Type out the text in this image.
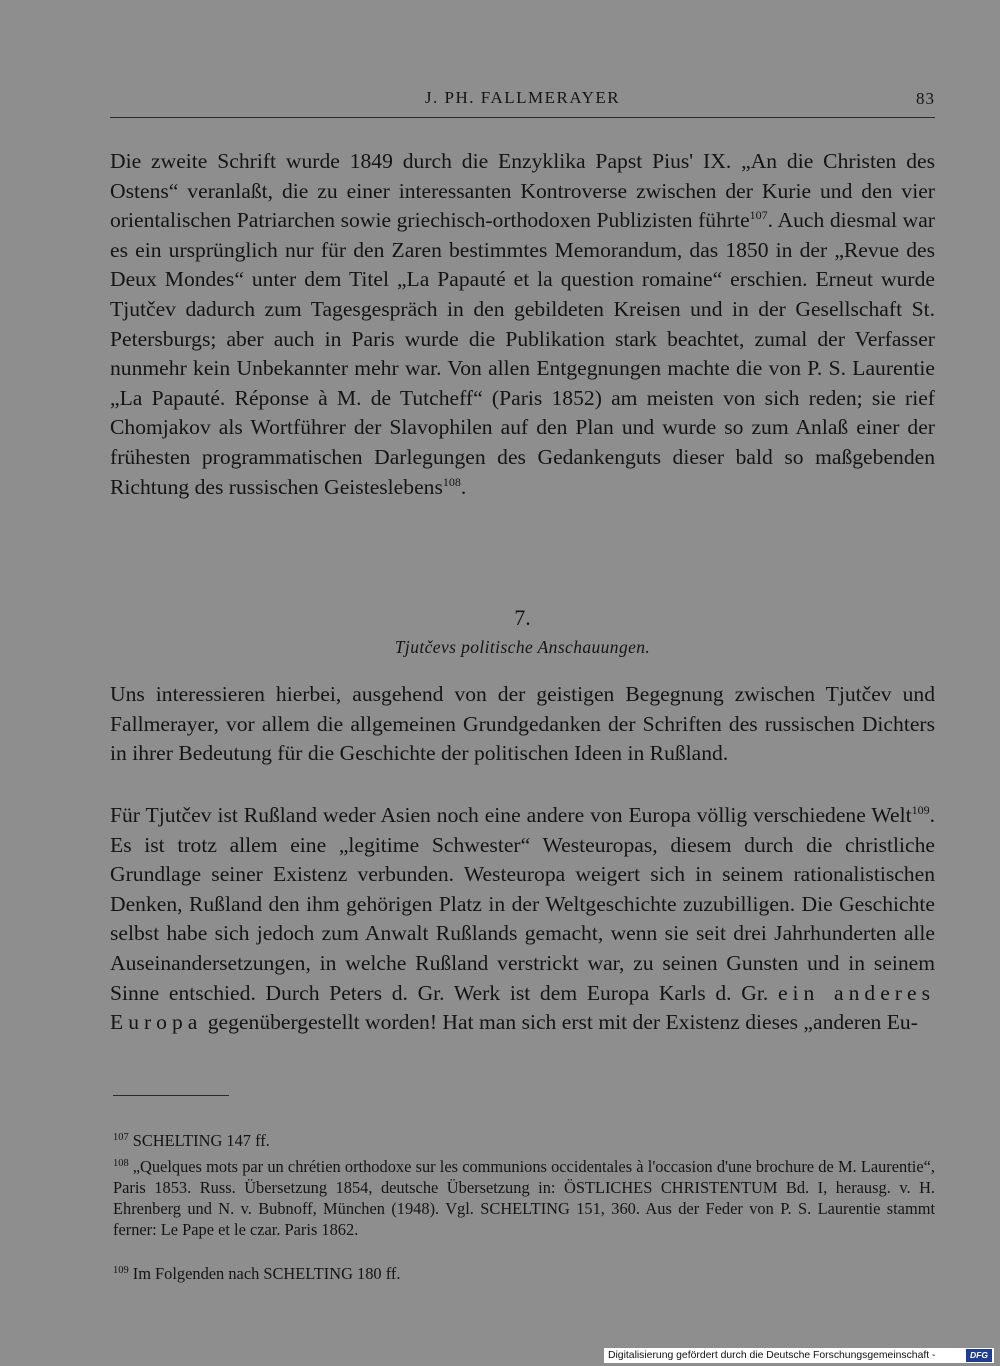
J. PH. FALLMERAYER	83

Die zweite Schrift wurde 1849 durch die Enzyklika Papst Pius' IX. „An die Christen des Ostens“ veranlaßt, die zu einer interessanten Kontroverse zwischen der Kurie und den vier orientalischen Patriarchen sowie griechisch-orthodoxen Publizisten führte$^{107}$. Auch diesmal war es ein ursprünglich nur für den Zaren bestimmtes Memorandum, das 1850 in der „Revue des Deux Mondes“ unter dem Titel „La Papauté et la question romaine“ erschien. Erneut wurde Tjutčev dadurch zum Tagesgespräch in den gebildeten Kreisen und in der Gesellschaft St. Petersburgs; aber auch in Paris wurde die Publikation stark beachtet, zumal der Verfasser nunmehr kein Unbekannter mehr war. Von allen Entgegnungen machte die von P. S. Laurentie „La Papauté. Réponse à M. de Tutcheff“ (Paris 1852) am meisten von sich reden; sie rief Chomjakov als Wortführer der Slavophilen auf den Plan und wurde so zum Anlaß einer der frühesten programmatischen Darlegungen des Gedankenguts dieser bald so maßgebenden Richtung des russischen Geisteslebens$^{108}$.

7.
Tjutčevs politische Anschauungen.

Uns interessieren hierbei, ausgehend von der geistigen Begegnung zwischen Tjutčev und Fallmerayer, vor allem die allgemeinen Grundgedanken der Schriften des russischen Dichters in ihrer Bedeutung für die Geschichte der politischen Ideen in Rußland.

Für Tjutčev ist Rußland weder Asien noch eine andere von Europa völlig verschiedene Welt$^{109}$. Es ist trotz allem eine „legitime Schwester“ Westeuropas, diesem durch die christliche Grundlage seiner Existenz verbunden. Westeuropa weigert sich in seinem rationalistischen Denken, Rußland den ihm gehörigen Platz in der Weltgeschichte zuzubilligen. Die Geschichte selbst habe sich jedoch zum Anwalt Rußlands gemacht, wenn sie seit drei Jahrhunderten alle Auseinandersetzungen, in welche Rußland verstrickt war, zu seinen Gunsten und in seinem Sinne entschied. Durch Peters d. Gr. Werk ist dem Europa Karls d. Gr. ein anderes Europa gegenübergestellt worden! Hat man sich erst mit der Existenz dieses „anderen Eu-

$^{107}$ SCHELTING 147 ff.

$^{108}$ „Quelques mots par un chrétien orthodoxe sur les communions occidentales à l'occasion d'une brochure de M. Laurentie“, Paris 1853. Russ. Übersetzung 1854, deutsche Übersetzung in: ÖSTLICHES CHRISTENTUM Bd. I, herausg. v. H. Ehrenberg und N. v. Bubnoff, München (1948). Vgl. SCHELTING 151, 360. Aus der Feder von P. S. Laurentie stammt ferner: Le Pape et le czar. Paris 1862.

$^{109}$ Im Folgenden nach SCHELTING 180 ff.

Digitalisierung gefördert durch die Deutsche Forschungsgemeinschaft -	DFG
